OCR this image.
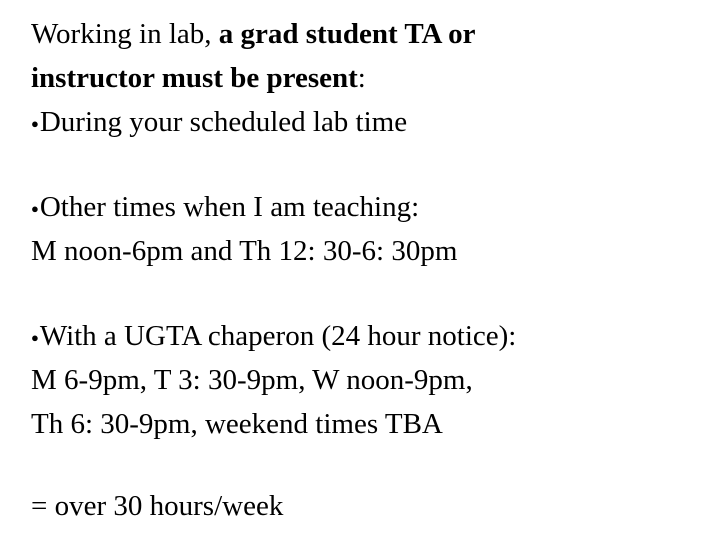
Working in lab, a grad student TA or
instructor must be present:
●During your scheduled lab time
●Other times when I am teaching:
M noon-6pm and Th 12: 30-6: 30pm
●With a UGTA chaperon (24 hour notice):
M 6-9pm, T 3: 30-9pm, W noon-9pm,
Th 6: 30-9pm, weekend times TBA
= over 30 hours/week
